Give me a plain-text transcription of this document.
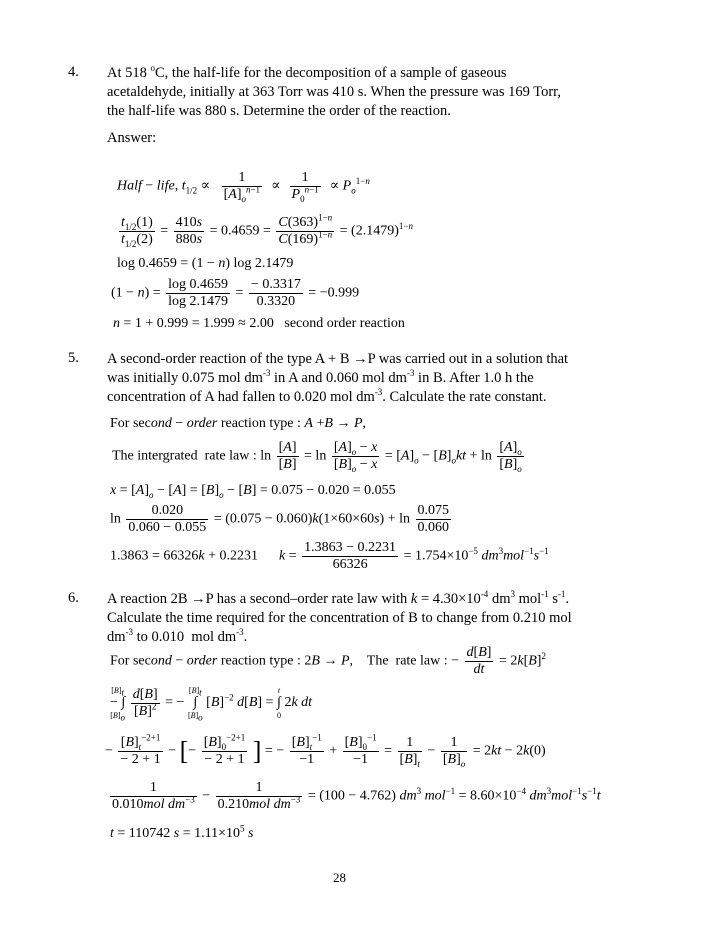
4. At 518 $^o$C, the half-life for the decomposition of a sample of gaseous
acetaldehyde, initially at 363 Torr was 410 s. When the pressure was 169 Torr,
the half-life was 880 s. Determine the order of the reaction.
Answer:
Half − life, $t_{1/2} \propto \frac{1}{[A]_o^{n-1}} \propto \frac{1}{P_0^{n-1}} \propto P_o^{1-n}$
$\frac{t_{1/2}(1)}{t_{1/2}(2)} = \frac{410s}{880s} = 0.4659 = \frac{C(363)^{1-n}}{C(169)^{1-n}} = (2.1479)^{1-n}$
log 0.4659 = (1 − n) log 2.1479
$(1 - n) = \frac{\log 0.4659}{\log 2.1479} = \frac{- 0.3317}{0.3320} = -0.999$
n = 1 + 0.999 = 1.999 ≈ 2.00   second order reaction
5. A second-order reaction of the type A + B →P was carried out in a solution that
was initially 0.075 mol $dm^{-3}$ in A and 0.060 mol $dm^{-3}$ in B. After 1.0 h the
concentration of A had fallen to 0.020 mol $dm^{-3}$. Calculate the rate constant.
For second − order reaction type : A +B → P,
The intergrated  rate law : $\ln \frac{[A]}{[B]} = \ln \frac{[A]_o - x}{[B]_o - x} = [A]_o - [B]_okt + \ln \frac{[A]_o}{[B]_o}$
$x = [A]_o - [A] = [B]_o - [B] = 0.075 - 0.020 = 0.055$
$\ln \frac{0.020}{0.060 - 0.055} = (0.075 - 0.060)k(1\times 60\times 60s) + \ln \frac{0.075}{0.060}$
1.3863 = 66326k + 0.2231      $k = \frac{1.3863 - 0.2231}{66326} = 1.754\times 10^{-5}$ $dm^3mol^{-1}s^{-1}$
6. A reaction 2B →P has a second–order rate law with $k = 4.30\times 10^{-4}$ $dm^3$ mol$^{-1}$ $s^{-1}$.
Calculate the time required for the concentration of B to change from 0.210 mol
$dm^{-3}$ to 0.010  mol $dm^{-3}$.
For second − order reaction type : 2B → P,    The  rate law : − $\frac{d[B]}{dt} = 2k[B]^2$
$[B]_t$
− ∫
$[B]_o$
$\frac{d[B]}{[B]^2}$ = −
$[B]_t$
∫
$[B]_o$
$[B]^{-2}$ d[B] =
t
∫
0
2k dt
− $\frac{[B]_t^{-2+1}}{- 2 + 1}$ − [− $\frac{[B]_0^{-2+1}}{- 2 + 1}$ ] = − $\frac{[B]_t^{-1}}{-1} + \frac{[B]_0^{-1}}{-1} = \frac{1}{[B]_t} - \frac{1}{[B]_o} = 2kt - 2k(0)$
$\frac{1}{0.010mol dm^{-3}} - \frac{1}{0.210mol dm^{-3}} = (100 - 4.762)$ $dm^3$ $mol^{-1} = 8.60\times 10^{-4}$ $dm^3mol^{-1}s^{-1}t$
t = 110742 $s = 1.11\times 10^5$ s
28
